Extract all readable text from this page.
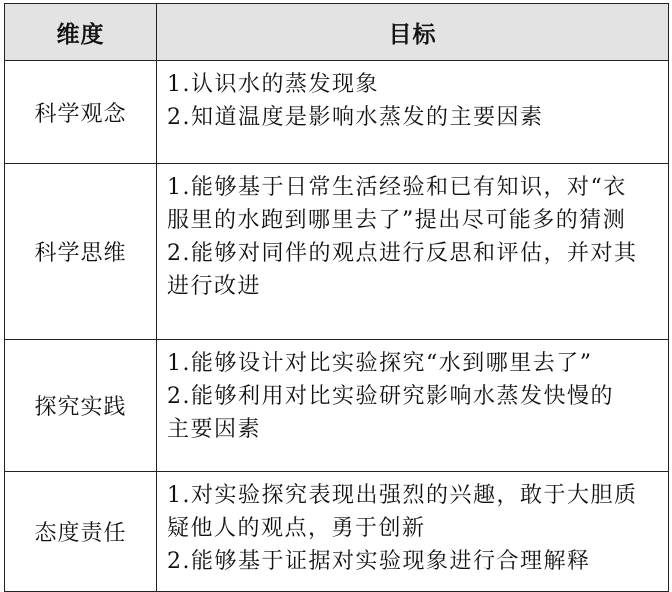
维度	目标
科学观念	1.认识水的蒸发现象
2.知道温度是影响水蒸发的主要因素

科学思维	1.能够基于日常生活经验和已有知识，对“衣
服里的水跑到哪里去了”提出尽可能多的猜测
2.能够对同伴的观点进行反思和评估，并对其
进行改进

探究实践	1.能够设计对比实验探究“水到哪里去了”
2.能够利用对比实验研究影响水蒸发快慢的
主要因素

态度责任	1.对实验探究表现出强烈的兴趣，敢于大胆质
疑他人的观点，勇于创新
2.能够基于证据对实验现象进行合理解释
